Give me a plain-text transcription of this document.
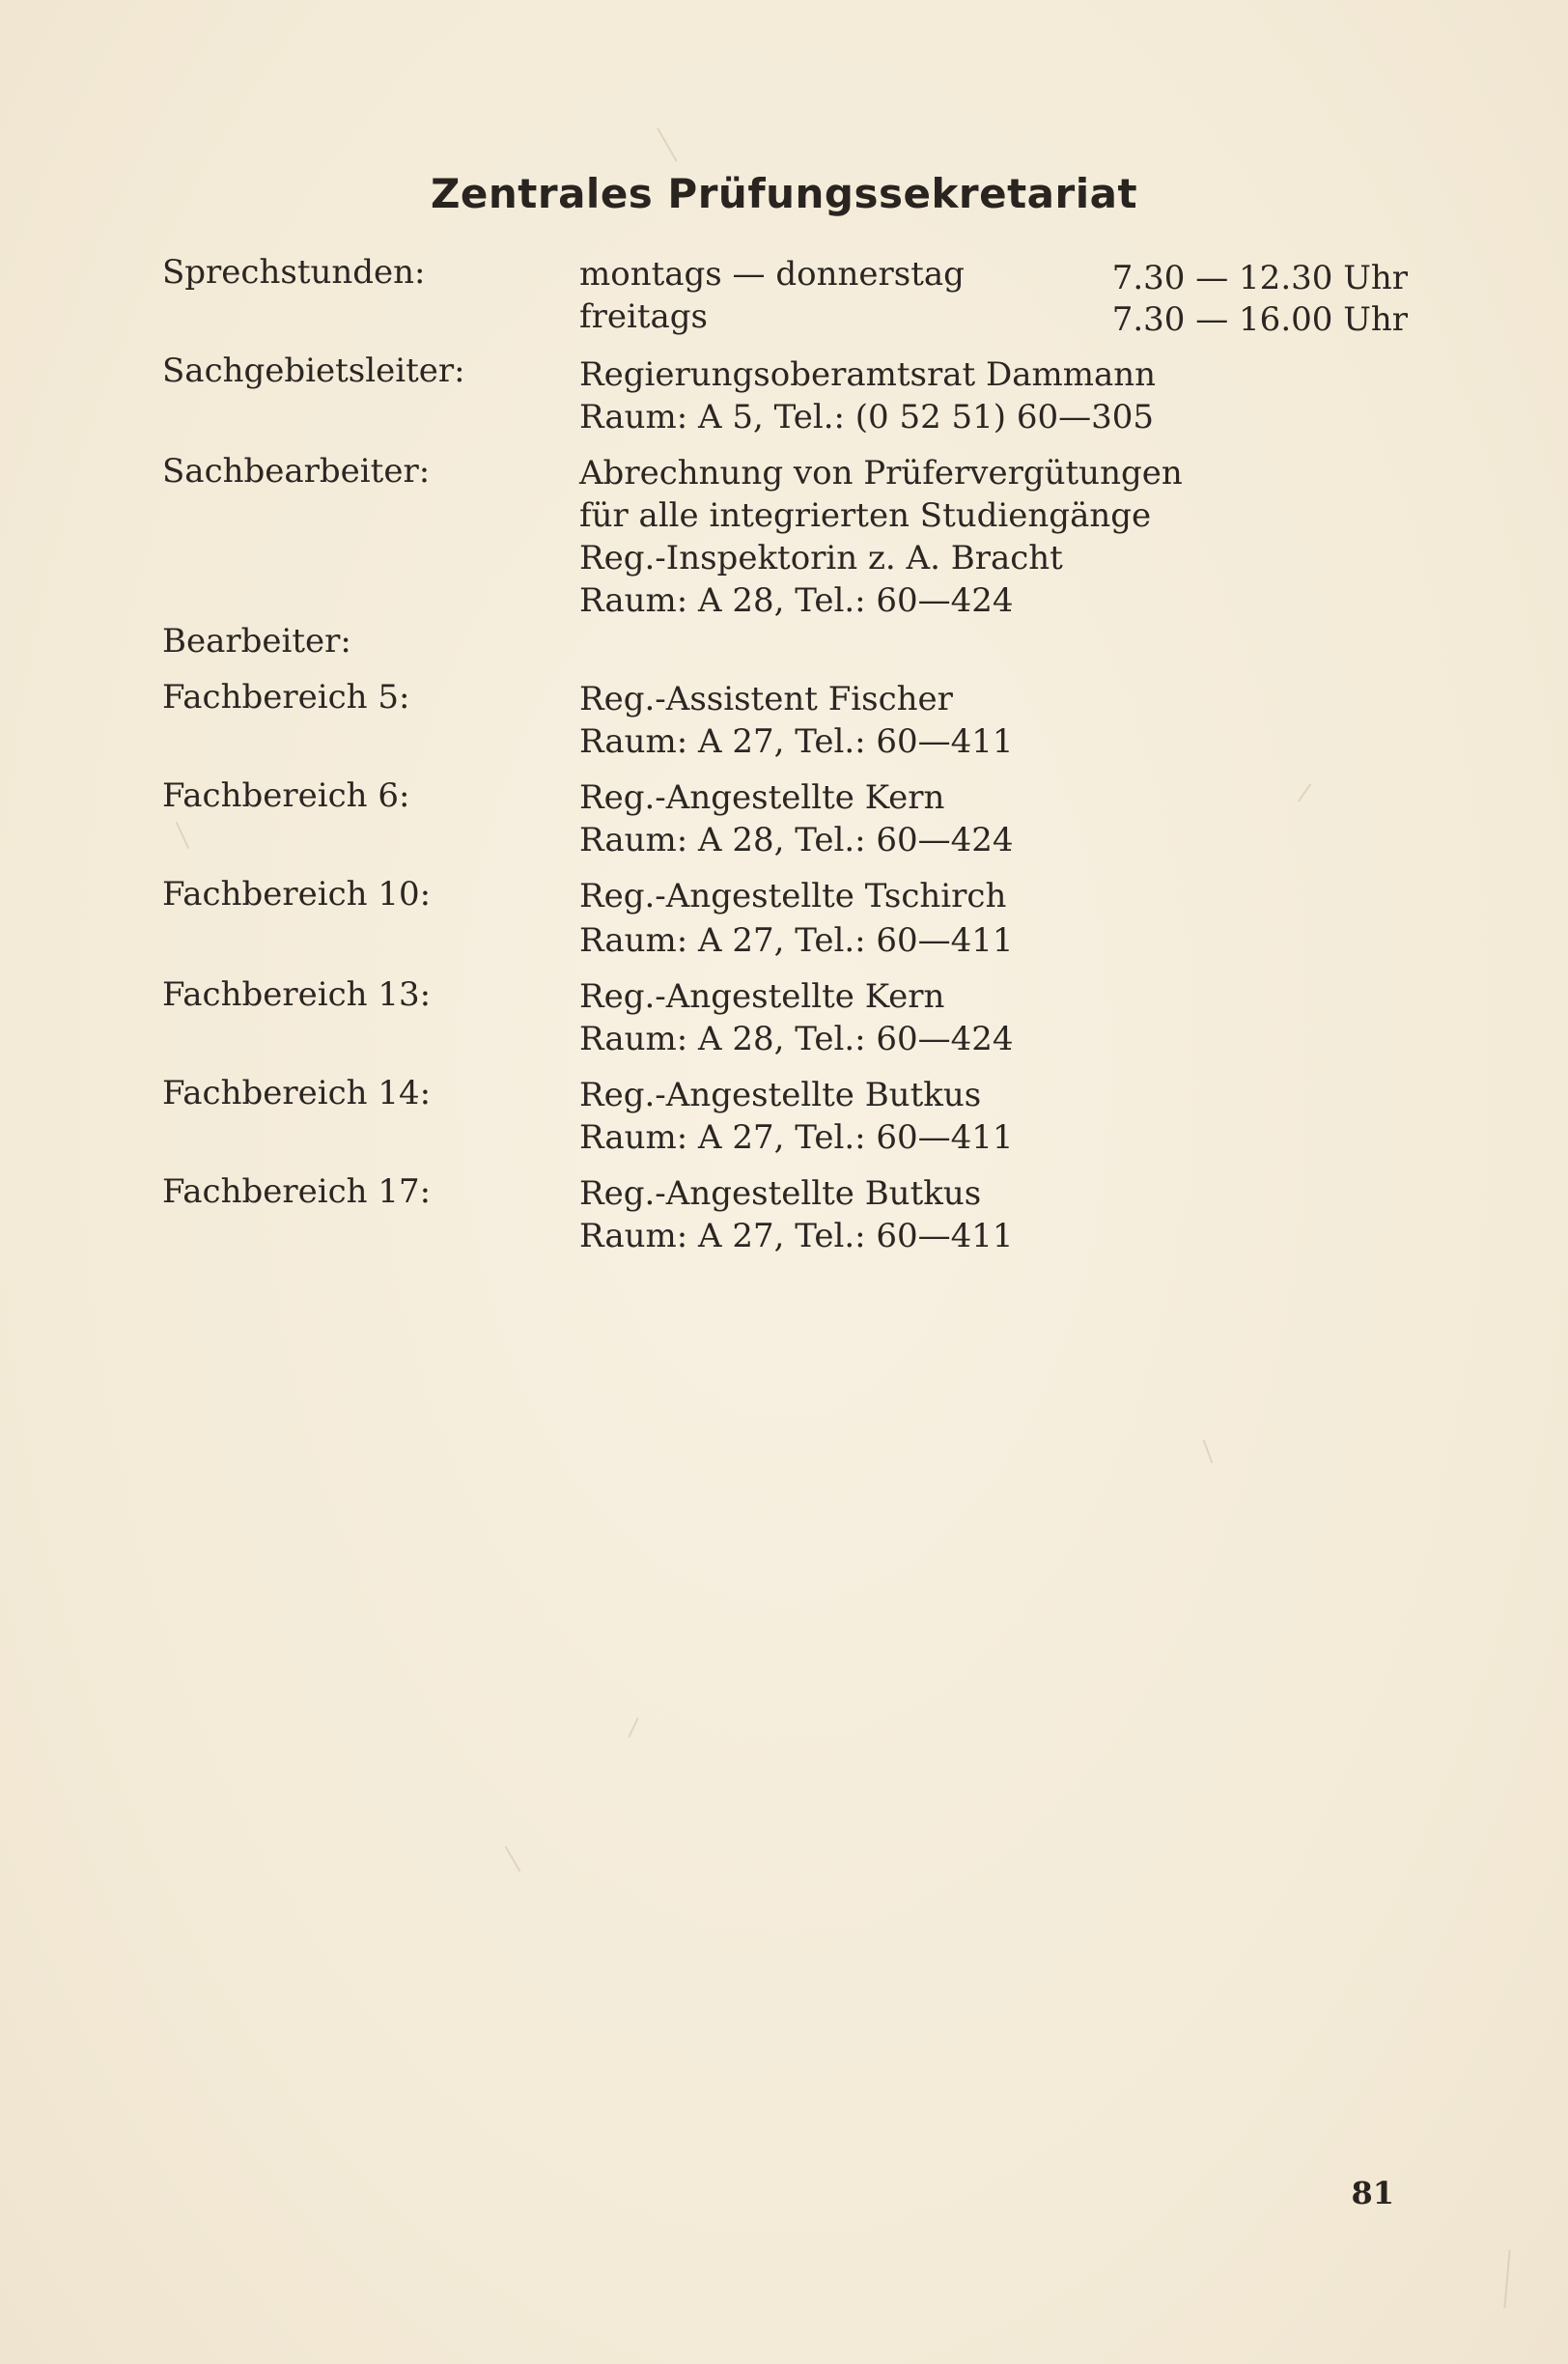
Zentrales Prüfungssekretariat
Sprechstunden:	montags — donnerstag	7.30 — 12.30 Uhr
freitags	7.30 — 16.00 Uhr
Sachgebietsleiter:	Regierungsoberamtsrat Dammann
Raum: A 5, Tel.: (0 52 51) 60—305
Sachbearbeiter:	Abrechnung von Prüfervergütungen
für alle integrierten Studiengänge
Reg.-Inspektorin z. A. Bracht
Raum: A 28, Tel.: 60—424
Bearbeiter:
Fachbereich 5:	Reg.-Assistent Fischer
Raum: A 27, Tel.: 60—411
Fachbereich 6:	Reg.-Angestellte Kern
Raum: A 28, Tel.: 60—424
Fachbereich 10:	Reg.-Angestellte Tschirch
Raum: A 27, Tel.: 60—411
Fachbereich 13:	Reg.-Angestellte Kern
Raum: A 28, Tel.: 60—424
Fachbereich 14:	Reg.-Angestellte Butkus
Raum: A 27, Tel.: 60—411
Fachbereich 17:	Reg.-Angestellte Butkus
Raum: A 27, Tel.: 60—411
81
